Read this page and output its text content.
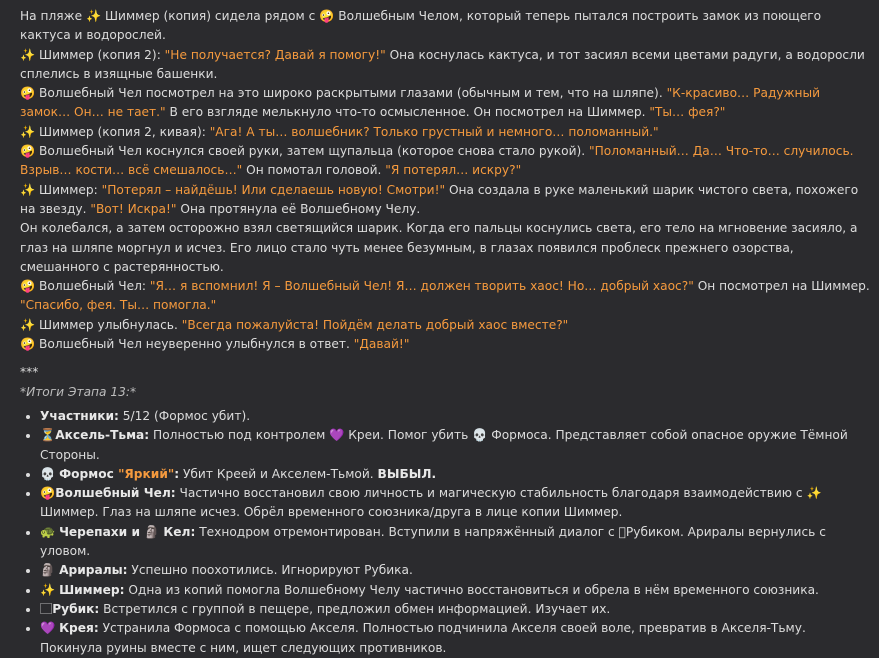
На пляже ✨ Шиммер (копия) сидела рядом с 🤪 Волшебным Челом, который теперь пытался построить замок из поющего кактуса и водорослей.

✨ Шиммер (копия 2): "Не получается? Давай я помогу!" Она коснулась кактуса, и тот засиял всеми цветами радуги, а водоросли сплелись в изящные башенки.

🤪 Волшебный Чел посмотрел на это широко раскрытыми глазами (обычным и тем, что на шляпе). "К-красиво… Радужный замок… Он… не тает." В его взгляде мелькнуло что-то осмысленное. Он посмотрел на Шиммер. "Ты… фея?"

✨ Шиммер (копия 2, кивая): "Ага! А ты… волшебник? Только грустный и немного… поломанный."

🤪 Волшебный Чел коснулся своей руки, затем щупальца (которое снова стало рукой). "Поломанный… Да… Что-то… случилось. Взрыв… кости… всё смешалось…" Он помотал головой. "Я потерял… искру?"

✨ Шиммер: "Потерял – найдёшь! Или сделаешь новую! Смотри!" Она создала в руке маленький шарик чистого света, похожего на звезду. "Вот! Искра!" Она протянула её Волшебному Челу.

Он колебался, а затем осторожно взял светящийся шарик. Когда его пальцы коснулись света, его тело на мгновение засияло, а глаз на шляпе моргнул и исчез. Его лицо стало чуть менее безумным, в глазах появился проблеск прежнего озорства, смешанного с растерянностью.

🤪 Волшебный Чел: "Я… я вспомнил! Я – Волшебный Чел! Я… должен творить хаос! Но… добрый хаос?" Он посмотрел на Шиммер. "Спасибо, фея. Ты… помогла."

✨ Шиммер улыбнулась. "Всегда пожалуйста! Пойдём делать добрый хаос вместе?"

🤪 Волшебный Чел неуверенно улыбнулся в ответ. "Давай!"

***

*Итоги Этапа 13:*

• Участники: 5/12 (Формос убит).
• ⏳Аксель-Тьма: Полностью под контролем 💜 Креи. Помог убить 💀 Формоса. Представляет собой опасное оружие Тёмной Стороны.
• 💀 Формос "Яркий": Убит Креей и Акселем-Тьмой. ВЫБЫЛ.
• 🤪Волшебный Чел: Частично восстановил свою личность и магическую стабильность благодаря взаимодействию с ✨ Шиммер. Глаз на шляпе исчез. Обрёл временного союзника/друга в лице копии Шиммер.
• 🐢 Черепахи и 🗿 Кел: Технодром отремонтирован. Вступили в напряжённый диалог с ⃞Рубиком. Арирaлы вернулись с уловом.
• 🗿 Арирaлы: Успешно поохотились. Игнорируют Рубика.
• ✨ Шиммер: Одна из копий помогла Волшебному Челу частично восстановиться и обрела в нём временного союзника.
• ⃞Рубик: Встретился с группой в пещере, предложил обмен информацией. Изучает их.
• 💜 Крея: Устранила Формоса с помощью Акселя. Полностью подчинила Акселя своей воле, превратив в Акселя-Тьму. Покинула руины вместе с ним, ищет следующих противников.
